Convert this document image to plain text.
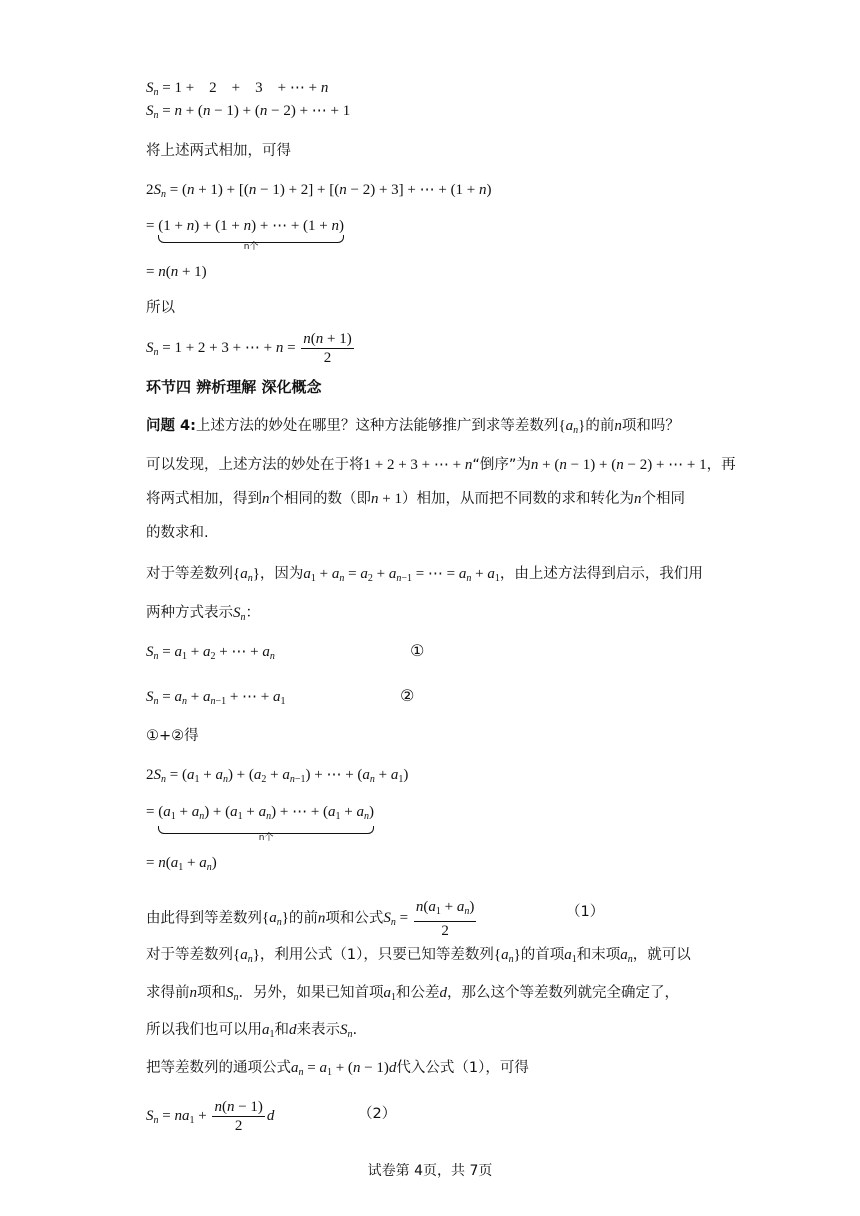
$S_n = 1$ +    2    +    3    + ⋯ + n
$S_n = n + (n - 1) + (n - 2)$ + ⋯ + 1
将上述两式相加，可得
$2S_n = (n + 1) + [(n - 1) + 2] + [(n - 2) + 3]$ + ⋯ + (1 + n)
= (1 + n) + (1 + n) + ⋯ + (1 + n)
n个
= n(n + 1)
所以
$S_n = 1 + 2 + 3$ + ⋯ + $n = \frac{n(n + 1)}{2}$
环节四 辨析理解 深化概念
问题 4:上述方法的妙处在哪里？这种方法能够推广到求等差数列$\{a_n\}$的前n项和吗？
可以发现，上述方法的妙处在于将1 + 2 + 3 + ⋯ + n“倒序”为n + (n − 1) + (n − 2) + ⋯ + 1，再
将两式相加，得到n个相同的数（即n + 1）相加，从而把不同数的求和转化为n个相同
的数求和.
对于等差数列$\{a_n\}$，因为$a_1 + a_n = a_2 + a_{n-1}$ = ⋯ = $a_n + a_1$，由上述方法得到启示，我们用
两种方式表示$S_n$：
$S_n = a_1 + a_2$ + ⋯ + $a_n$	①
$S_n = a_n + a_{n-1}$ + ⋯ + $a_1$	②
①+②得
$2S_n = (a_1 + a_n) + (a_2 + a_{n-1})$ + ⋯ + $(a_n + a_1)$
= $(a_1 + a_n) + (a_1 + a_n)$ + ⋯ + $(a_1 + a_n)$
n个
= $n(a_1 + a_n)$
由此得到等差数列$\{a_n\}$的前n项和公式$S_n = \frac{n(a_1 + a_n)}{2}$	（1）
对于等差数列$\{a_n\}$，利用公式（1），只要已知等差数列$\{a_n\}$的首项$a_1$和末项$a_n$，就可以
求得前n项和$S_n$．另外，如果已知首项$a_1$和公差d，那么这个等差数列就完全确定了，
所以我们也可以用$a_1$和d来表示$S_n$.
把等差数列的通项公式$a_n = a_1 + (n - 1)d$代入公式（1），可得
$S_n = na_1 + \frac{n(n - 1)}{2}$ d	（2）
试卷第 4页，共 7页
